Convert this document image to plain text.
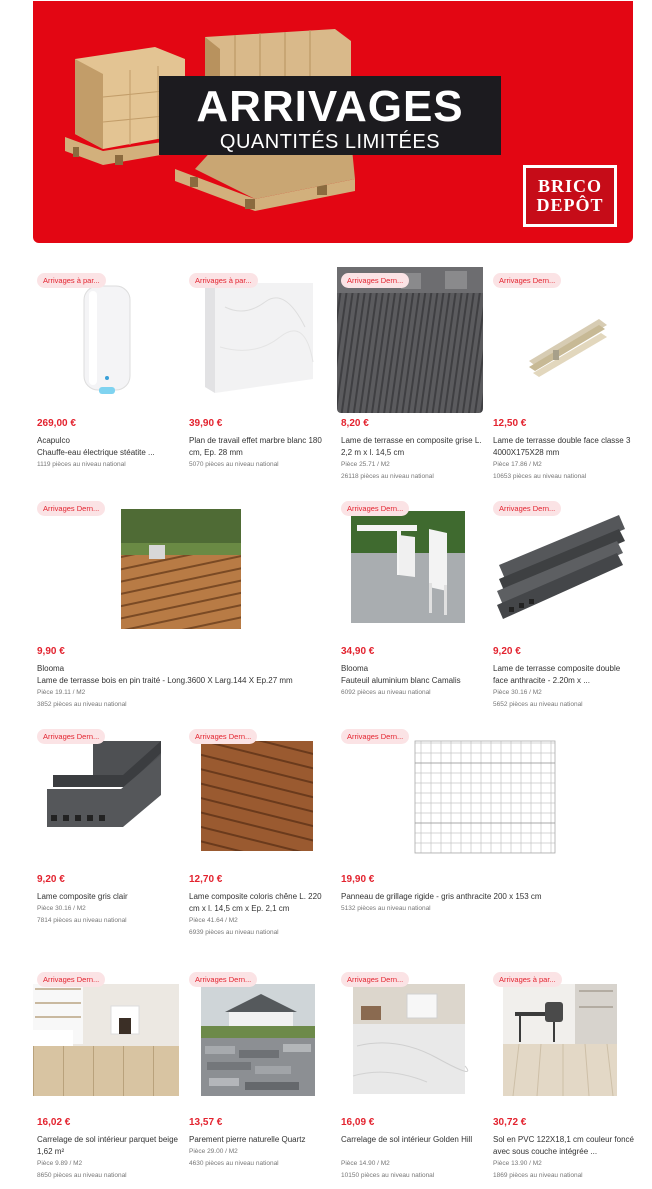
ARRIVAGES
QUANTITÉS LIMITÉES
BRICO
DEPÔT
Arrivages à par...
269,00 €
Acapulco
Chauffe-eau électrique stéatite ...
1119 pièces au niveau national
Arrivages à par...
39,90 €
Plan de travail effet marbre blanc 180 cm, Ep. 28 mm
5070 pièces au niveau national
Arrivages Dern...
8,20 €
Lame de terrasse en composite grise L. 2,2 m x l. 14,5 cm
Pièce 25.71 / M2
26118 pièces au niveau national
Arrivages Dern...
12,50 €
Lame de terrasse double face classe 3 4000X175X28 mm
Pièce 17.86 / M2
10653 pièces au niveau national
Arrivages Dern...
9,90 €
Blooma
Lame de terrasse bois en pin traité - Long.3600 X Larg.144 X Ep.27 mm
Pièce 19.11 / M2
3852 pièces au niveau national
Arrivages Dern...
34,90 €
Blooma
Fauteuil aluminium blanc Camalis
6092 pièces au niveau national
Arrivages Dern...
9,20 €
Lame de terrasse composite double face anthracite - 2.20m x ...
Pièce 30.16 / M2
5652 pièces au niveau national
Arrivages Dern...
9,20 €
Lame composite gris clair
Pièce 30.16 / M2
7814 pièces au niveau national
Arrivages Dern...
12,70 €
Lame composite coloris chêne L. 220 cm x l. 14,5 cm x Ep. 2,1 cm
Pièce 41.64 / M2
6939 pièces au niveau national
Arrivages Dern...
19,90 €
Panneau de grillage rigide - gris anthracite 200 x 153 cm
5132 pièces au niveau national
Arrivages Dern...
16,02 €
Carrelage de sol intérieur parquet beige 1,62 m²
Pièce 9.89 / M2
8650 pièces au niveau national
Arrivages Dern...
13,57 €
Parement pierre naturelle Quartz
Pièce 29.00 / M2
4630 pièces au niveau national
Arrivages Dern...
16,09 €
Carrelage de sol intérieur Golden Hill
Pièce 14.90 / M2
10150 pièces au niveau national
Arrivages à par...
30,72 €
Sol en PVC 122X18,1 cm couleur foncé avec sous couche intégrée ...
Pièce 13.90 / M2
1869 pièces au niveau national
